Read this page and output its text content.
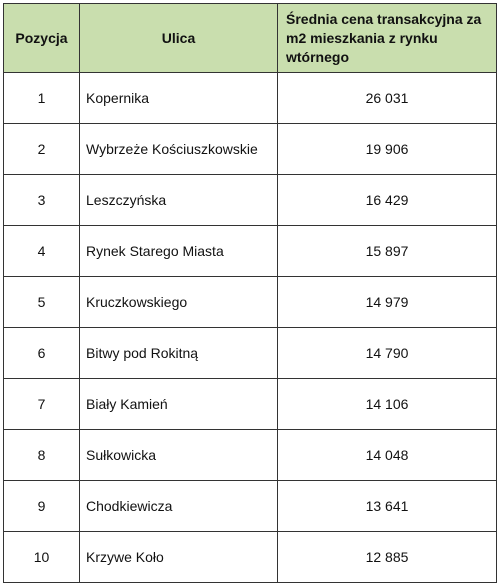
Pozycja	Ulica	Średnia cena transakcyjna za m2 mieszkania z rynku wtórnego
1	Kopernika	26 031
2	Wybrzeże Kościuszkowskie	19 906
3	Leszczyńska	16 429
4	Rynek Starego Miasta	15 897
5	Kruczkowskiego	14 979
6	Bitwy pod Rokitną	14 790
7	Biały Kamień	14 106
8	Sułkowicka	14 048
9	Chodkiewicza	13 641
10	Krzywe Koło	12 885
